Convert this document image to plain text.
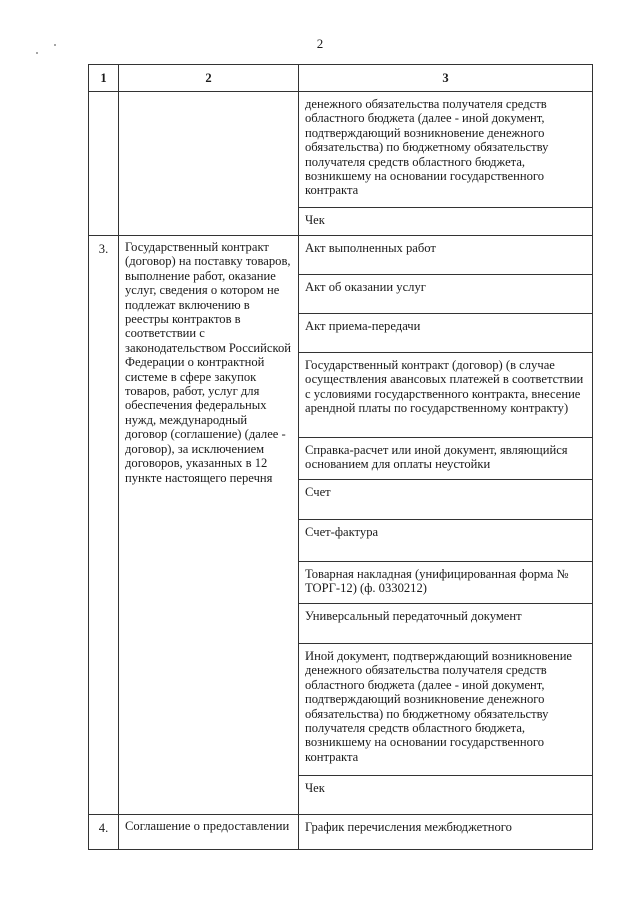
2
1	2	3
		денежного обязательства получателя средств областного бюджета (далее - иной документ, подтверждающий возникновение денежного обязательства) по бюджетному обязательству получателя средств областного бюджета, возникшему на основании государственного контракта
		Чек
3.	Государственный контракт (договор) на поставку товаров, выполнение работ, оказание услуг, сведения о котором не подлежат включению в реестры контрактов в соответствии с законодательством Российской Федерации о контрактной системе в сфере закупок товаров, работ, услуг для обеспечения федеральных нужд, международный договор (соглашение) (далее - договор), за исключением договоров, указанных в 12 пункте настоящего перечня	Акт выполненных работ
		Акт об оказании услуг
		Акт приема-передачи
		Государственный контракт (договор) (в случае осуществления авансовых платежей в соответствии с условиями государственного контракта, внесение арендной платы по государственному контракту)
		Справка-расчет или иной документ, являющийся основанием для оплаты неустойки
		Счет
		Счет-фактура
		Товарная накладная (унифицированная форма № ТОРГ-12) (ф. 0330212)
		Универсальный передаточный документ
		Иной документ, подтверждающий возникновение денежного обязательства получателя средств областного бюджета (далее - иной документ, подтверждающий возникновение денежного обязательства) по бюджетному обязательству получателя средств областного бюджета, возникшему на основании государственного контракта
		Чек
4.	Соглашение о предоставлении	График перечисления межбюджетного
